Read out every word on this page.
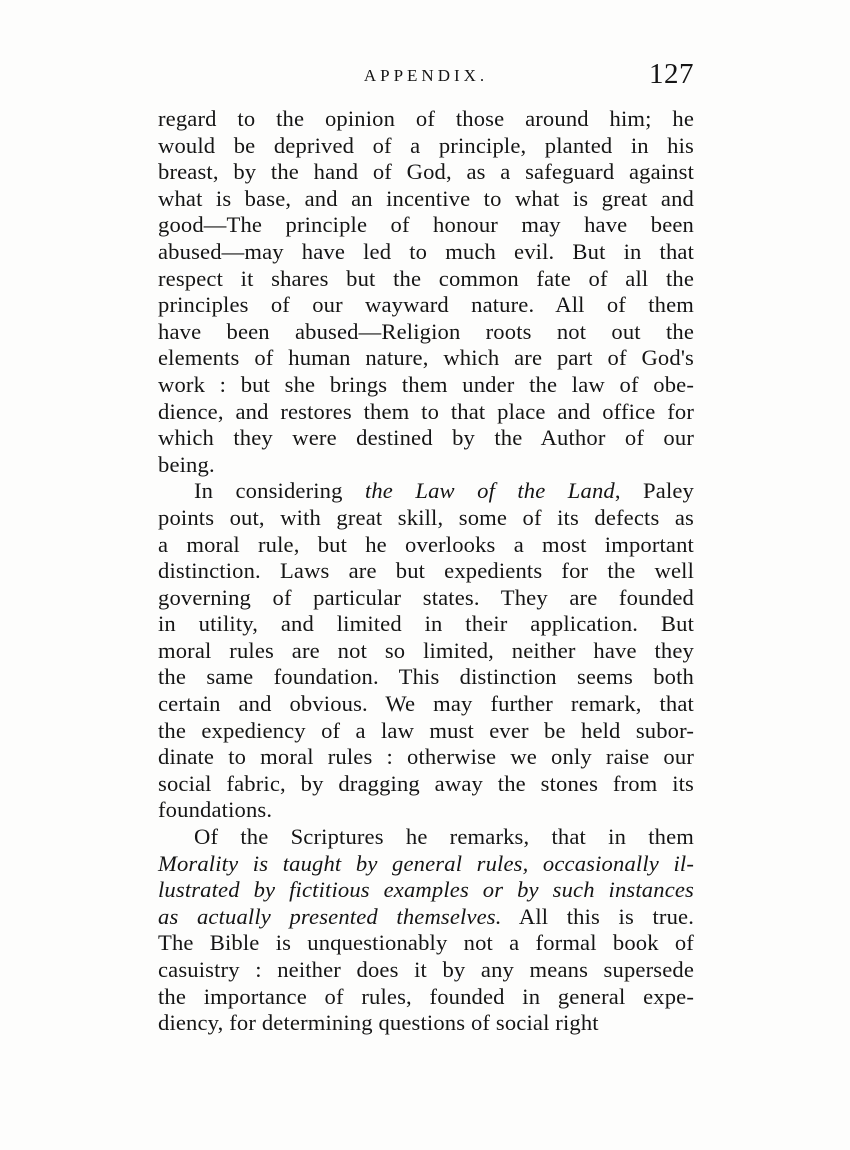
APPENDIX.	127
regard to the opinion of those around him; he
would be deprived of a principle, planted in his
breast, by the hand of God, as a safeguard against
what is base, and an incentive to what is great and
good—The principle of honour may have been
abused—may have led to much evil. But in that
respect it shares but the common fate of all the
principles of our wayward nature. All of them
have been abused—Religion roots not out the
elements of human nature, which are part of God's
work : but she brings them under the law of obe-
dience, and restores them to that place and office for
which they were destined by the Author of our
being.
In considering the Law of the Land, Paley
points out, with great skill, some of its defects as
a moral rule, but he overlooks a most important
distinction. Laws are but expedients for the well
governing of particular states. They are founded
in utility, and limited in their application. But
moral rules are not so limited, neither have they
the same foundation. This distinction seems both
certain and obvious. We may further remark, that
the expediency of a law must ever be held subor-
dinate to moral rules : otherwise we only raise our
social fabric, by dragging away the stones from its
foundations.
Of the Scriptures he remarks, that in them
Morality is taught by general rules, occasionally il-
lustrated by fictitious examples or by such instances
as actually presented themselves. All this is true.
The Bible is unquestionably not a formal book of
casuistry : neither does it by any means supersede
the importance of rules, founded in general expe-
diency, for determining questions of social right
